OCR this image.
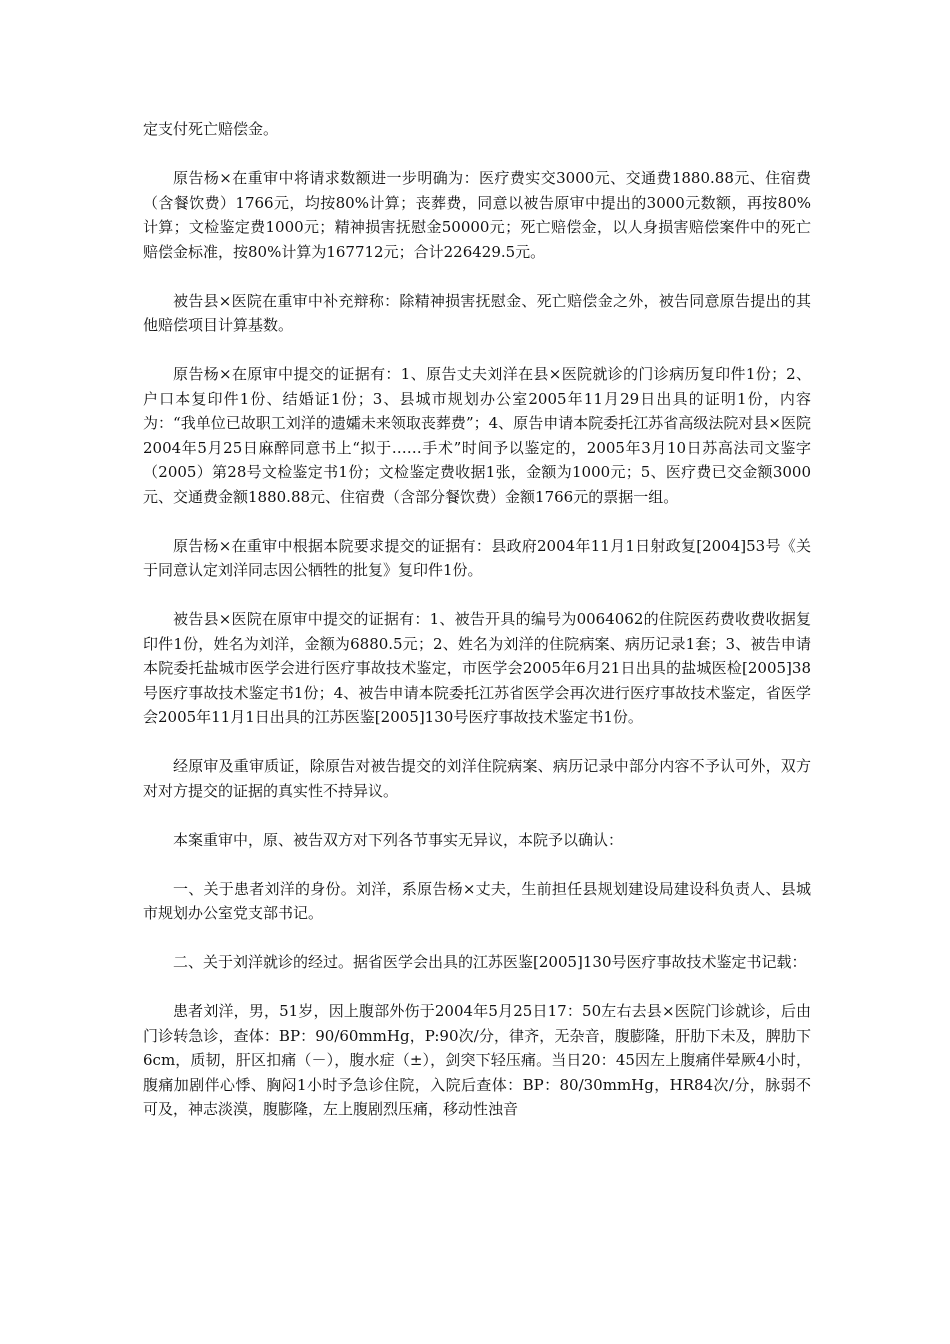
定支付死亡赔偿金。

原告杨×在重审中将请求数额进一步明确为：医疗费实交3000元、交通费1880.88元、住宿费（含餐饮费）1766元，均按80%计算；丧葬费，同意以被告原审中提出的3000元数额，再按80%计算；文检鉴定费1000元；精神损害抚慰金50000元；死亡赔偿金，以人身损害赔偿案件中的死亡赔偿金标准，按80%计算为167712元；合计226429.5元。

被告县×医院在重审中补充辩称：除精神损害抚慰金、死亡赔偿金之外，被告同意原告提出的其他赔偿项目计算基数。

原告杨×在原审中提交的证据有：1、原告丈夫刘洋在县×医院就诊的门诊病历复印件1份；2、户口本复印件1份、结婚证1份；3、县城市规划办公室2005年11月29日出具的证明1份，内容为：“我单位已故职工刘洋的遗孀未来领取丧葬费”；4、原告申请本院委托江苏省高级法院对县×医院2004年5月25日麻醉同意书上“拟于……手术”时间予以鉴定的，2005年3月10日苏高法司文鉴字（2005）第28号文检鉴定书1份；文检鉴定费收据1张，金额为1000元；5、医疗费已交金额3000元、交通费金额1880.88元、住宿费（含部分餐饮费）金额1766元的票据一组。

原告杨×在重审中根据本院要求提交的证据有：县政府2004年11月1日射政复[2004]53号《关于同意认定刘洋同志因公牺牲的批复》复印件1份。

被告县×医院在原审中提交的证据有：1、被告开具的编号为0064062的住院医药费收费收据复印件1份，姓名为刘洋，金额为6880.5元；2、姓名为刘洋的住院病案、病历记录1套；3、被告申请本院委托盐城市医学会进行医疗事故技术鉴定，市医学会2005年6月21日出具的盐城医检[2005]38号医疗事故技术鉴定书1份；4、被告申请本院委托江苏省医学会再次进行医疗事故技术鉴定，省医学会2005年11月1日出具的江苏医鉴[2005]130号医疗事故技术鉴定书1份。

经原审及重审质证，除原告对被告提交的刘洋住院病案、病历记录中部分内容不予认可外，双方对对方提交的证据的真实性不持异议。

本案重审中，原、被告双方对下列各节事实无异议，本院予以确认：

一、关于患者刘洋的身份。刘洋，系原告杨×丈夫，生前担任县规划建设局建设科负责人、县城市规划办公室党支部书记。

二、关于刘洋就诊的经过。据省医学会出具的江苏医鉴[2005]130号医疗事故技术鉴定书记载：

患者刘洋，男，51岁，因上腹部外伤于2004年5月25日17：50左右去县×医院门诊就诊，后由门诊转急诊，查体：BP：90/60mmHg，P:90次/分，律齐，无杂音，腹膨隆，肝肋下未及，脾肋下6cm，质韧，肝区扣痛（－），腹水症（±），剑突下轻压痛。当日20：45因左上腹痛伴晕厥4小时，腹痛加剧伴心悸、胸闷1小时予急诊住院，入院后查体：BP：80/30mmHg，HR84次/分，脉弱不可及，神志淡漠，腹膨隆，左上腹剧烈压痛，移动性浊音
